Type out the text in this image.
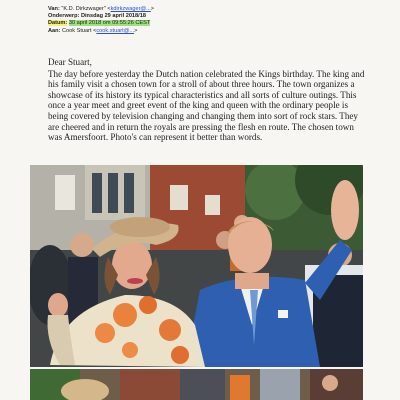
Van: "K.D. Dirkzwager" <kdirkzwager@...>
Onderwerp: Dinsdag 29 april 2018/18
Datum: 30 april 2018 om 09:55:26 CEST
Aan: Cook Stuart <cook.stuart@...>
Dear Stuart,

The day before yesterday the Dutch nation celebrated the Kings birthday. The king and his family visit a chosen town for a stroll of about three hours. The town organizes a showcase of its history its typical characteristics and all sorts of culture outings. This once a year meet and greet event of the king and queen with the ordinary people is being covered by television changing and changing them into sort of rock stars. They are cheered and in return the royals are pressing the flesh en route. The chosen town was Amersfoort. Photo's can represent it better than words.
